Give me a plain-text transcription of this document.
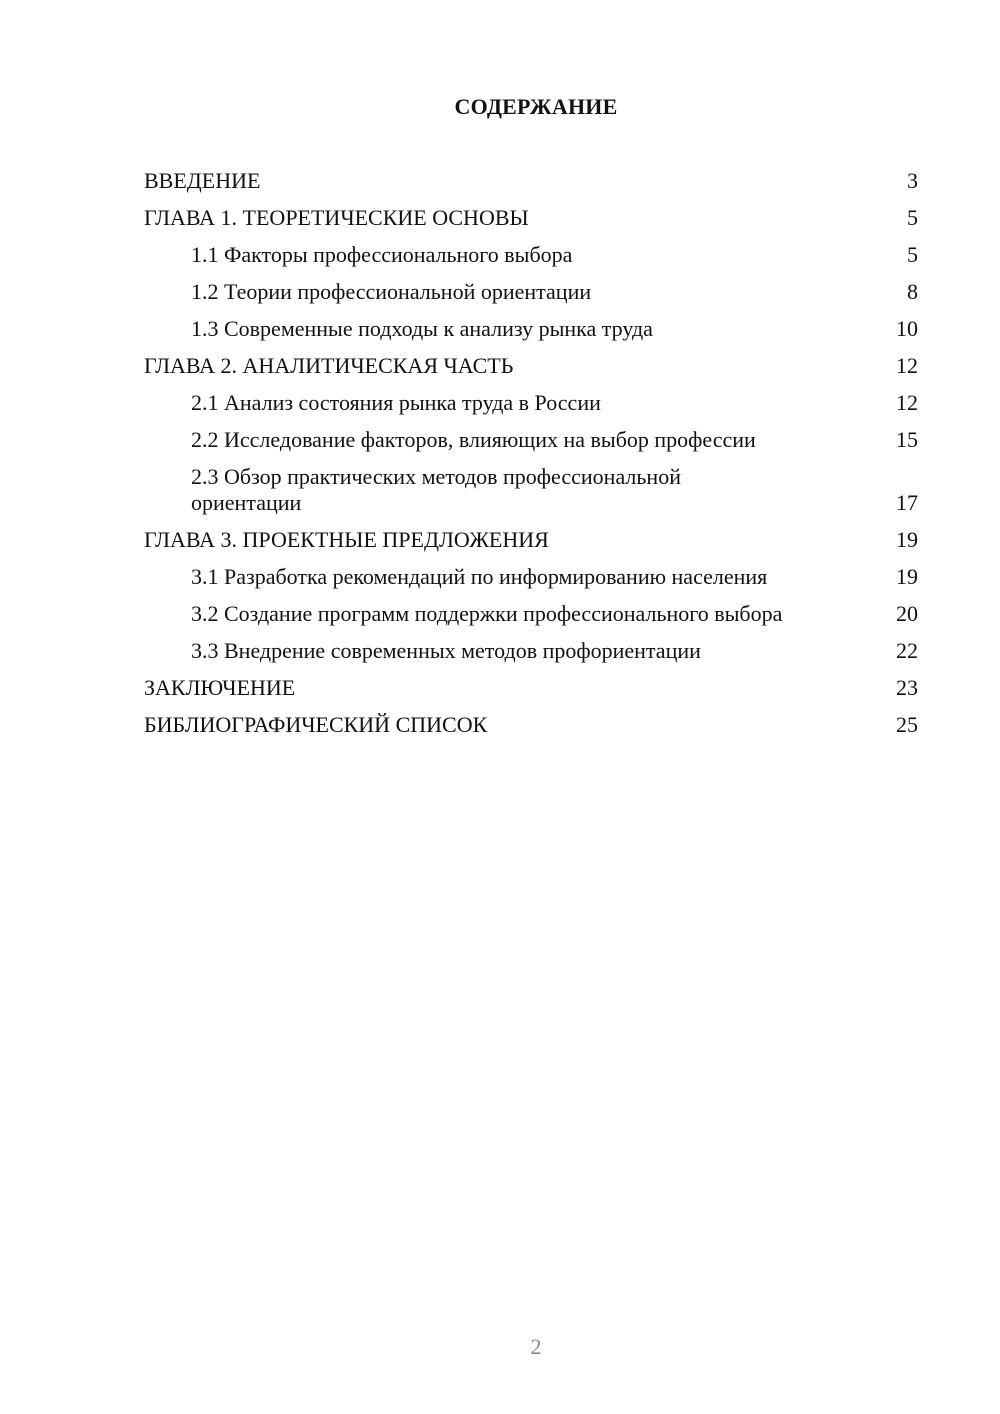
СОДЕРЖАНИЕ
ВВЕДЕНИЕ	3
ГЛАВА 1. ТЕОРЕТИЧЕСКИЕ ОСНОВЫ	5
1.1 Факторы профессионального выбора	5
1.2 Теории профессиональной ориентации	8
1.3 Современные подходы к анализу рынка труда	10
ГЛАВА 2. АНАЛИТИЧЕСКАЯ ЧАСТЬ	12
2.1 Анализ состояния рынка труда в России	12
2.2 Исследование факторов, влияющих на выбор профессии	15
2.3 Обзор практических методов профессиональной ориентации	17
ГЛАВА 3. ПРОЕКТНЫЕ ПРЕДЛОЖЕНИЯ	19
3.1 Разработка рекомендаций по информированию населения	19
3.2 Создание программ поддержки профессионального выбора	20
3.3 Внедрение современных методов профориентации	22
ЗАКЛЮЧЕНИЕ	23
БИБЛИОГРАФИЧЕСКИЙ СПИСОК	25
2
